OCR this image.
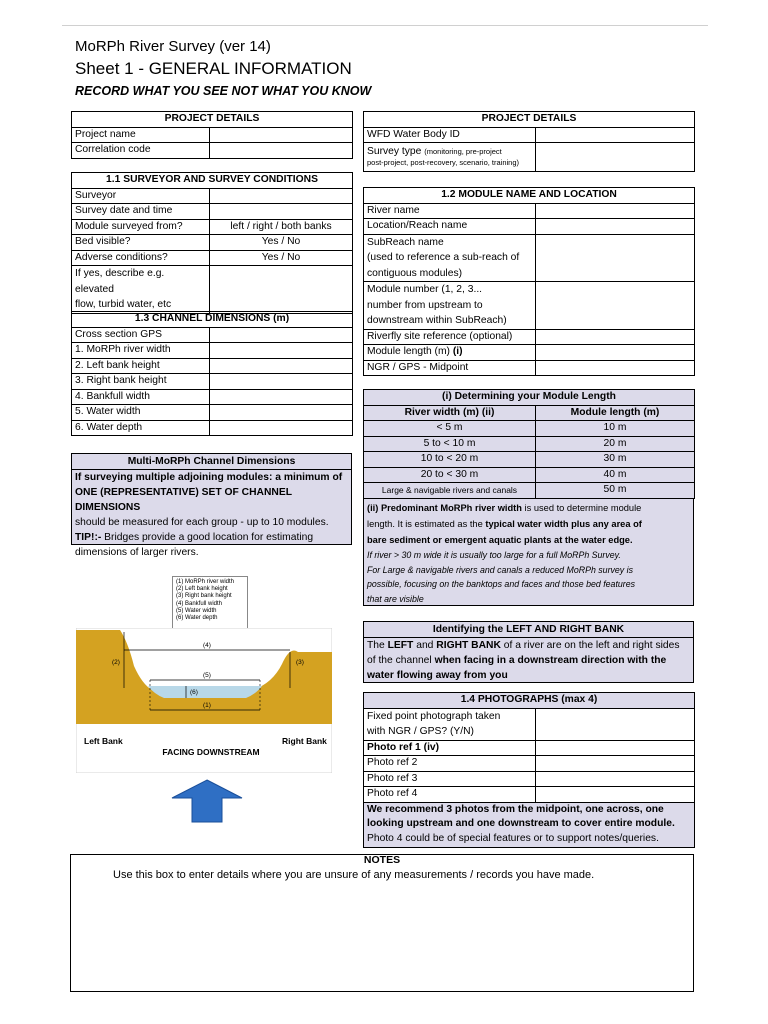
MoRPh River Survey (ver 14)
Sheet 1 - GENERAL INFORMATION
RECORD WHAT YOU SEE NOT WHAT YOU KNOW
PROJECT DETAILS	
Project name	
Correlation code	
PROJECT DETAILS	
WFD Water Body ID	
Survey type (monitoring, pre-project
post-project, post-recovery, scenario, training)	
1.1 SURVEYOR AND SURVEY CONDITIONS	
Surveyor	
Survey date and time	
Module surveyed from?	left / right / both banks
Bed visible?	Yes / No
Adverse conditions?	Yes / No
If yes, describe e.g. elevated
flow, turbid water, etc	
1.2 MODULE NAME AND LOCATION	
River name	
Location/Reach name	
SubReach name
(used to reference a sub-reach of
contiguous modules)	
Module number (1, 2, 3...
number from upstream to
downstream within SubReach)	
Riverfly site reference (optional)	
Module length (m) (i)	
NGR / GPS - Midpoint	
1.3 CHANNEL DIMENSIONS (m)	
Cross section GPS	
1. MoRPh river width	
2. Left bank height	
3. Right bank height	
4. Bankfull width	
5. Water width	
6. Water depth	
(i) Determining your Module Length	
River width (m) (ii)	Module length (m)
< 5 m	10 m
5 to < 10 m	20 m
10 to < 20 m	30 m
20 to < 30 m	40 m
Large & navigable rivers and canals	50 m
(ii) Predominant MoRPh river width is used to determine module
length. It is estimated as the typical water width plus any area of
bare sediment or emergent aquatic plants at the water edge.
If river > 30 m wide it is usually too large for a full MoRPh Survey.
For Large & navigable rivers and canals a reduced MoRPh survey is
possible, focusing on the banktops and faces and those bed features
that are visible
Multi-MoRPh Channel Dimensions
If surveying multiple adjoining modules: a minimum of
ONE (REPRESENTATIVE) SET OF CHANNEL DIMENSIONS
should be measured for each group - up to 10 modules.
TIP!:- Bridges provide a good location for estimating
dimensions of larger rivers.
(1) MoRPh river width
(2) Left bank height
(3) Right bank height
(4) Bankfull width
(5) Water width
(6) Water depth
(4)
(2)	(3)
(5)
(6)
(1)
Left Bank	Right Bank
FACING DOWNSTREAM
Identifying the LEFT AND RIGHT BANK
The LEFT and RIGHT BANK of a river are on the left and right sides
of the channel when facing in a downstream direction with the
water flowing away from you
1.4 PHOTOGRAPHS (max 4)	
Fixed point photograph taken
with NGR / GPS? (Y/N)	
Photo ref 1 (iv)	
Photo ref 2	
Photo ref 3	
Photo ref 4	
We recommend 3 photos from the midpoint, one across, one
looking upstream and one downstream to cover entire module.
Photo 4 could be of special features or to support notes/queries.	
NOTES
Use this box to enter details where you are unsure of any measurements / records you have made.
